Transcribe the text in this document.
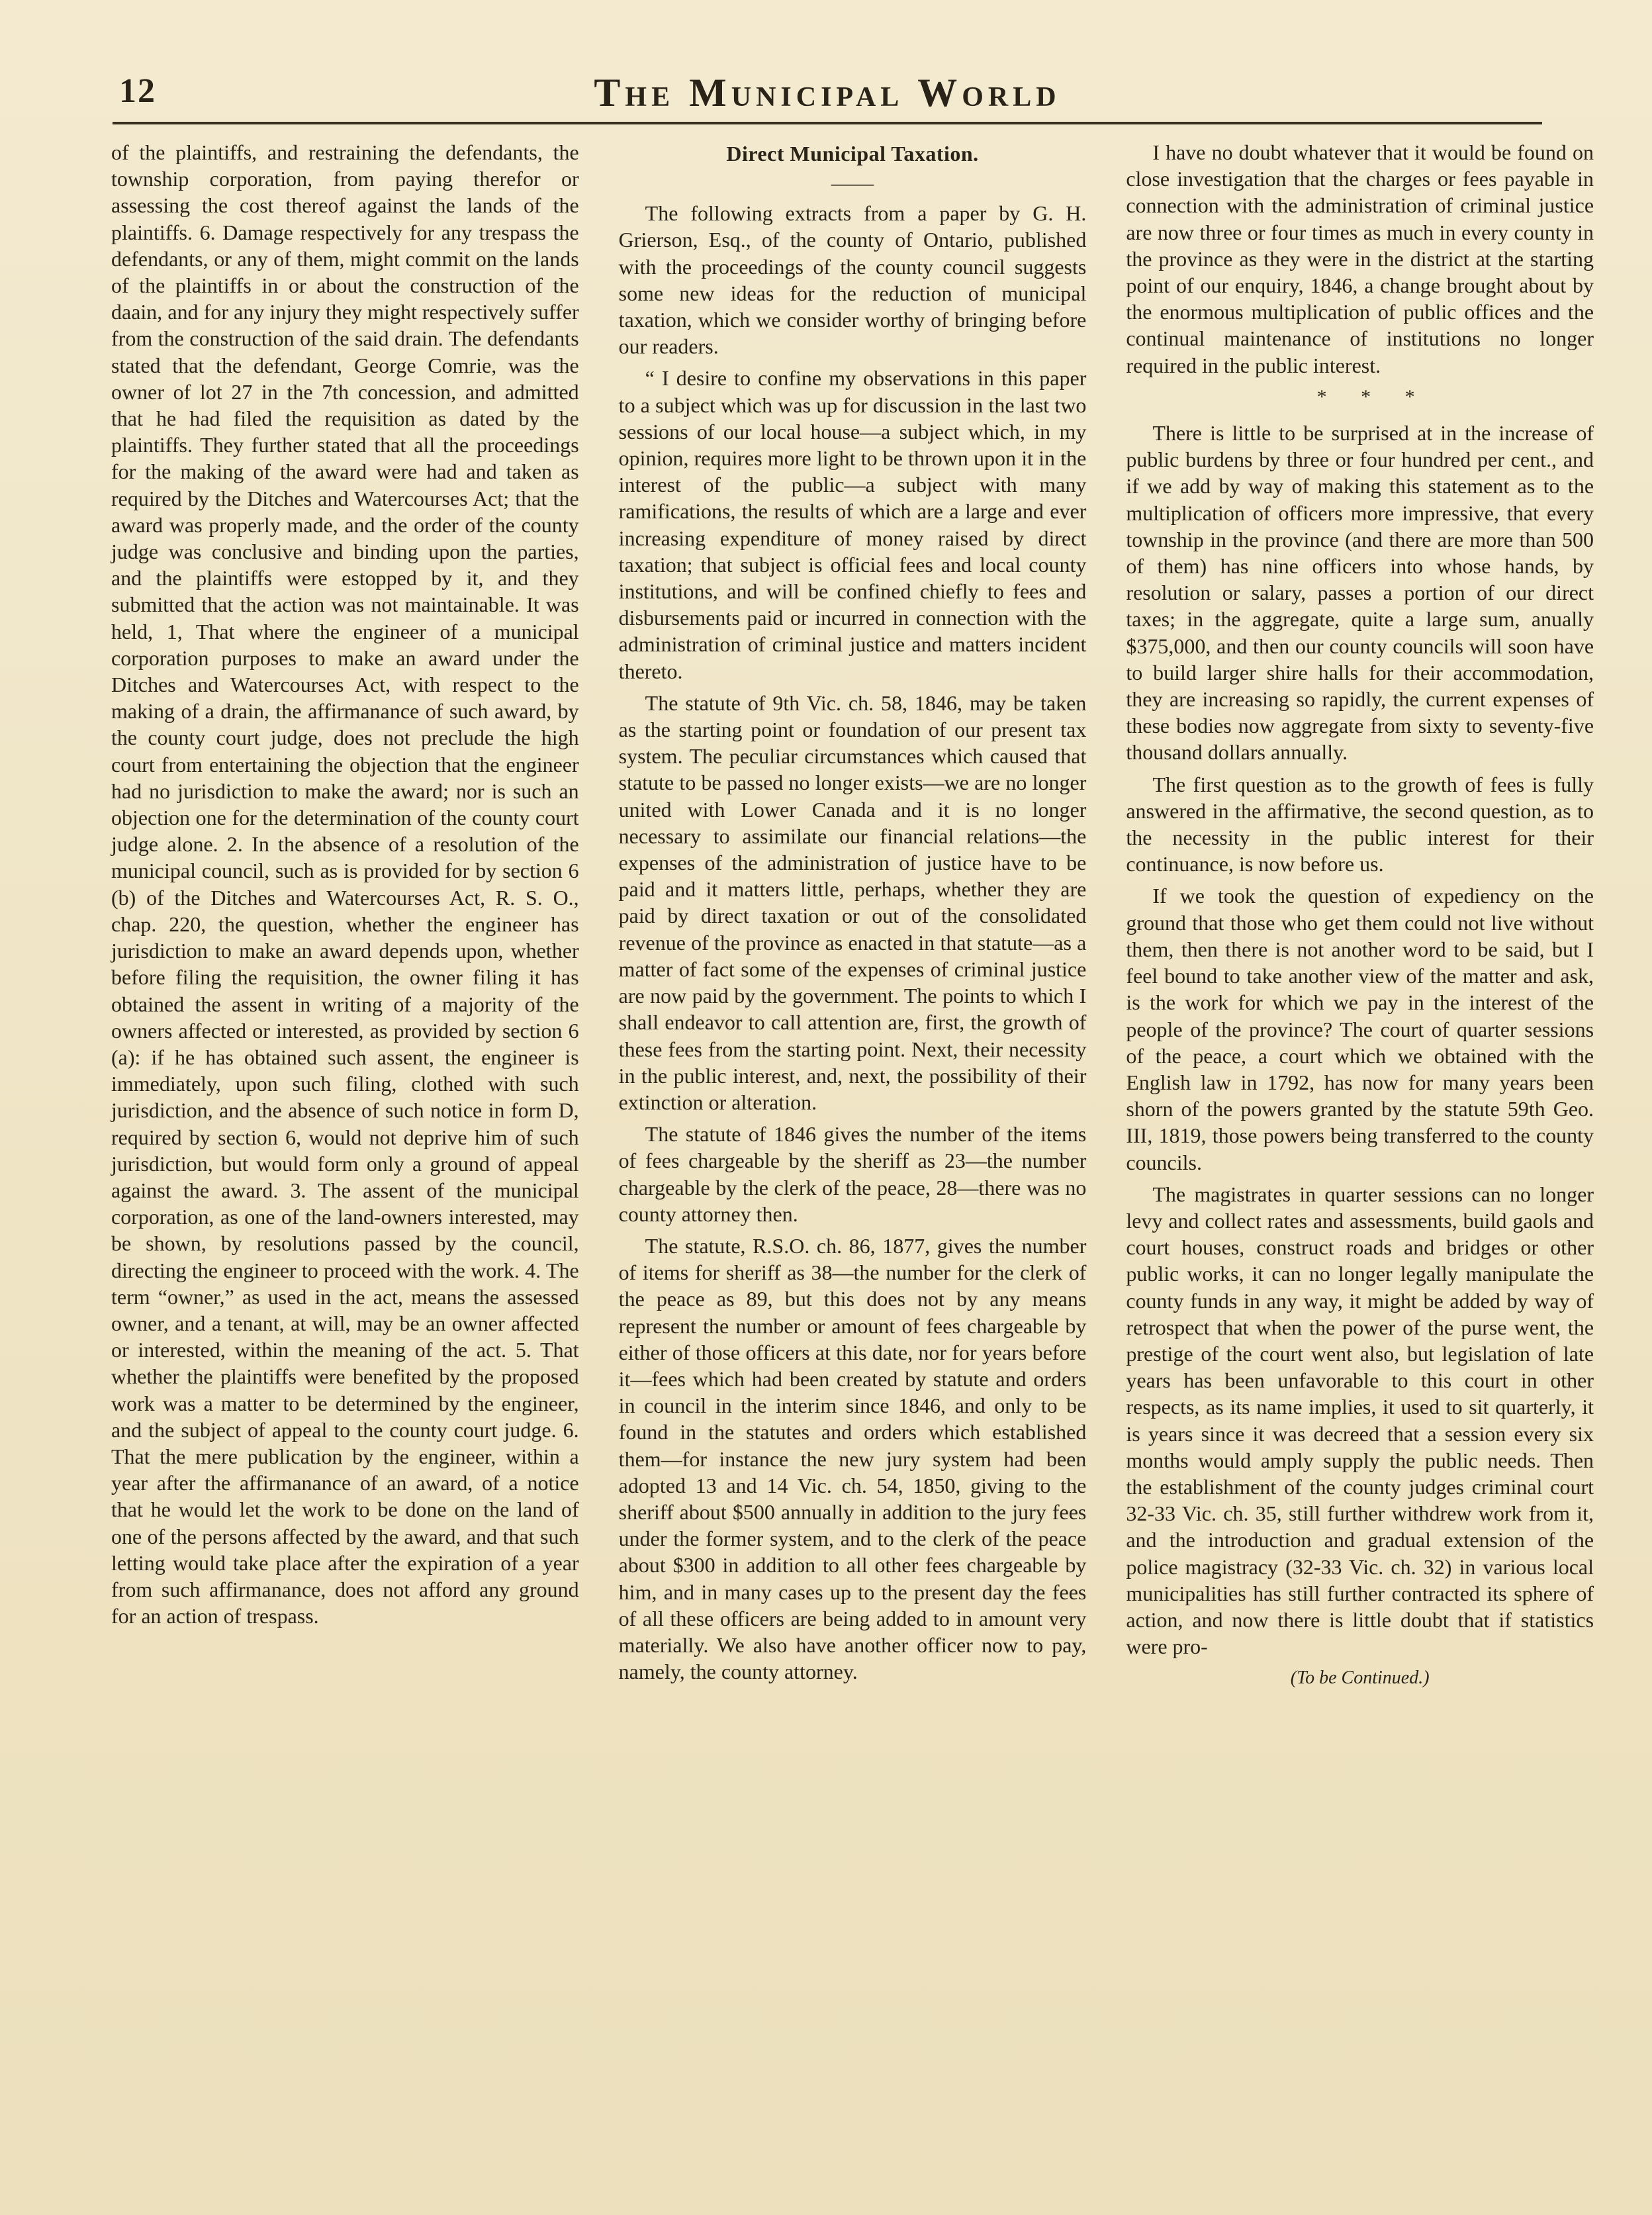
12	The Municipal World

of the plaintiffs, and restraining the defendants, the township corporation, from paying therefor or assessing the cost thereof against the lands of the plaintiffs. 6. Damage respectively for any trespass the defendants, or any of them, might commit on the lands of the plaintiffs in or about the construction of the daain, and for any injury they might respectively suffer from the construction of the said drain. The defendants stated that the defendant, George Comrie, was the owner of lot 27 in the 7th concession, and admitted that he had filed the requisition as dated by the plaintiffs. They further stated that all the proceedings for the making of the award were had and taken as required by the Ditches and Watercourses Act; that the award was properly made, and the order of the county judge was conclusive and binding upon the parties, and the plaintiffs were estopped by it, and they submitted that the action was not maintainable. It was held, 1, That where the engineer of a municipal corporation purposes to make an award under the Ditches and Watercourses Act, with respect to the making of a drain, the affirmanance of such award, by the county court judge, does not preclude the high court from entertaining the objection that the engineer had no jurisdiction to make the award; nor is such an objection one for the determination of the county court judge alone. 2. In the absence of a resolution of the municipal council, such as is provided for by section 6 (b) of the Ditches and Watercourses Act, R. S. O., chap. 220, the question, whether the engineer has jurisdiction to make an award depends upon, whether before filing the requisition, the owner filing it has obtained the assent in writing of a majority of the owners affected or interested, as provided by section 6 (a): if he has obtained such assent, the engineer is immediately, upon such filing, clothed with such jurisdiction, and the absence of such notice in form D, required by section 6, would not deprive him of such jurisdiction, but would form only a ground of appeal against the award. 3. The assent of the municipal corporation, as one of the land-owners interested, may be shown, by resolutions passed by the council, directing the engineer to proceed with the work. 4. The term “owner,” as used in the act, means the assessed owner, and a tenant, at will, may be an owner affected or interested, within the meaning of the act. 5. That whether the plaintiffs were benefited by the proposed work was a matter to be determined by the engineer, and the subject of appeal to the county court judge. 6. That the mere publication by the engineer, within a year after the affirmanance of an award, of a notice that he would let the work to be done on the land of one of the persons affected by the award, and that such letting would take place after the expiration of a year from such affirmanance, does not afford any ground for an action of trespass.

Direct Municipal Taxation.
——

The following extracts from a paper by G. H. Grierson, Esq., of the county of Ontario, published with the proceedings of the county council suggests some new ideas for the reduction of municipal taxation, which we consider worthy of bringing before our readers.

“ I desire to confine my observations in this paper to a subject which was up for discussion in the last two sessions of our local house—a subject which, in my opinion, requires more light to be thrown upon it in the interest of the public—a subject with many ramifications, the results of which are a large and ever increasing expenditure of money raised by direct taxation; that subject is official fees and local county institutions, and will be confined chiefly to fees and disbursements paid or incurred in connection with the administration of criminal justice and matters incident thereto.

The statute of 9th Vic. ch. 58, 1846, may be taken as the starting point or foundation of our present tax system. The peculiar circumstances which caused that statute to be passed no longer exists—we are no longer united with Lower Canada and it is no longer necessary to assimilate our financial relations—the expenses of the administration of justice have to be paid and it matters little, perhaps, whether they are paid by direct taxation or out of the consolidated revenue of the province as enacted in that statute—as a matter of fact some of the expenses of criminal justice are now paid by the government. The points to which I shall endeavor to call attention are, first, the growth of these fees from the starting point. Next, their necessity in the public interest, and, next, the possibility of their extinction or alteration.

The statute of 1846 gives the number of the items of fees chargeable by the sheriff as 23—the number chargeable by the clerk of the peace, 28—there was no county attorney then.

The statute, R.S.O. ch. 86, 1877, gives the number of items for sheriff as 38—the number for the clerk of the peace as 89, but this does not by any means represent the number or amount of fees chargeable by either of those officers at this date, nor for years before it—fees which had been created by statute and orders in council in the interim since 1846, and only to be found in the statutes and orders which established them—for instance the new jury system had been adopted 13 and 14 Vic. ch. 54, 1850, giving to the sheriff about $500 annually in addition to the jury fees under the former system, and to the clerk of the peace about $300 in addition to all other fees chargeable by him, and in many cases up to the present day the fees of all these officers are being added to in amount very materially. We also have another officer now to pay, namely, the county attorney.

I have no doubt whatever that it would be found on close investigation that the charges or fees payable in connection with the administration of criminal justice are now three or four times as much in every county in the province as they were in the district at the starting point of our enquiry, 1846, a change brought about by the enormous multiplication of public offices and the continual maintenance of institutions no longer required in the public interest.

* * *

There is little to be surprised at in the increase of public burdens by three or four hundred per cent., and if we add by way of making this statement as to the multiplication of officers more impressive, that every township in the province (and there are more than 500 of them) has nine officers into whose hands, by resolution or salary, passes a portion of our direct taxes; in the aggregate, quite a large sum, anually $375,000, and then our county councils will soon have to build larger shire halls for their accommodation, they are increasing so rapidly, the current expenses of these bodies now aggregate from sixty to seventy-five thousand dollars annually.

The first question as to the growth of fees is fully answered in the affirmative, the second question, as to the necessity in the public interest for their continuance, is now before us.

If we took the question of expediency on the ground that those who get them could not live without them, then there is not another word to be said, but I feel bound to take another view of the matter and ask, is the work for which we pay in the interest of the people of the province? The court of quarter sessions of the peace, a court which we obtained with the English law in 1792, has now for many years been shorn of the powers granted by the statute 59th Geo. III, 1819, those powers being transferred to the county councils.

The magistrates in quarter sessions can no longer levy and collect rates and assessments, build gaols and court houses, construct roads and bridges or other public works, it can no longer legally manipulate the county funds in any way, it might be added by way of retrospect that when the power of the purse went, the prestige of the court went also, but legislation of late years has been unfavorable to this court in other respects, as its name implies, it used to sit quarterly, it is years since it was decreed that a session every six months would amply supply the public needs. Then the establishment of the county judges criminal court 32-33 Vic. ch. 35, still further withdrew work from it, and the introduction and gradual extension of the police magistracy (32-33 Vic. ch. 32) in various local municipalities has still further contracted its sphere of action, and now there is little doubt that if statistics were pro-

(To be Continued.)
